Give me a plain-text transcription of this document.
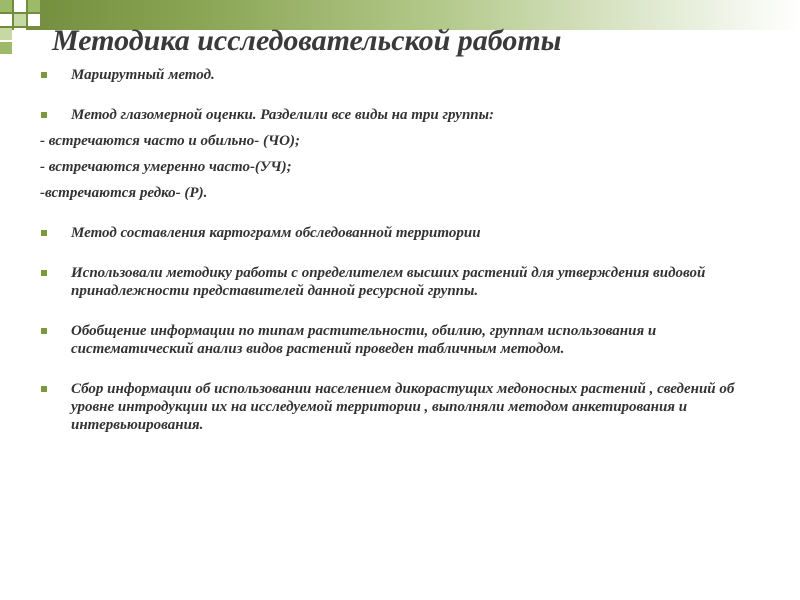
Методика исследовательской работы
Маршрутный метод.
Метод глазомерной оценки. Разделили все виды на три группы:
- встречаются часто и обильно- (ЧО);
- встречаются умеренно часто-(УЧ);
-встречаются редко- (Р).
Метод составления картограмм обследованной территории
Использовали методику работы с определителем высших растений для утверждения видовой принадлежности представителей данной ресурсной группы.
Обобщение информации по типам растительности, обилию, группам использования и систематический анализ видов растений проведен табличным методом.
Сбор информации об использовании населением дикорастущих медоносных растений , сведений об уровне интродукции их на исследуемой территории , выполняли методом анкетирования и интервьюирования.
